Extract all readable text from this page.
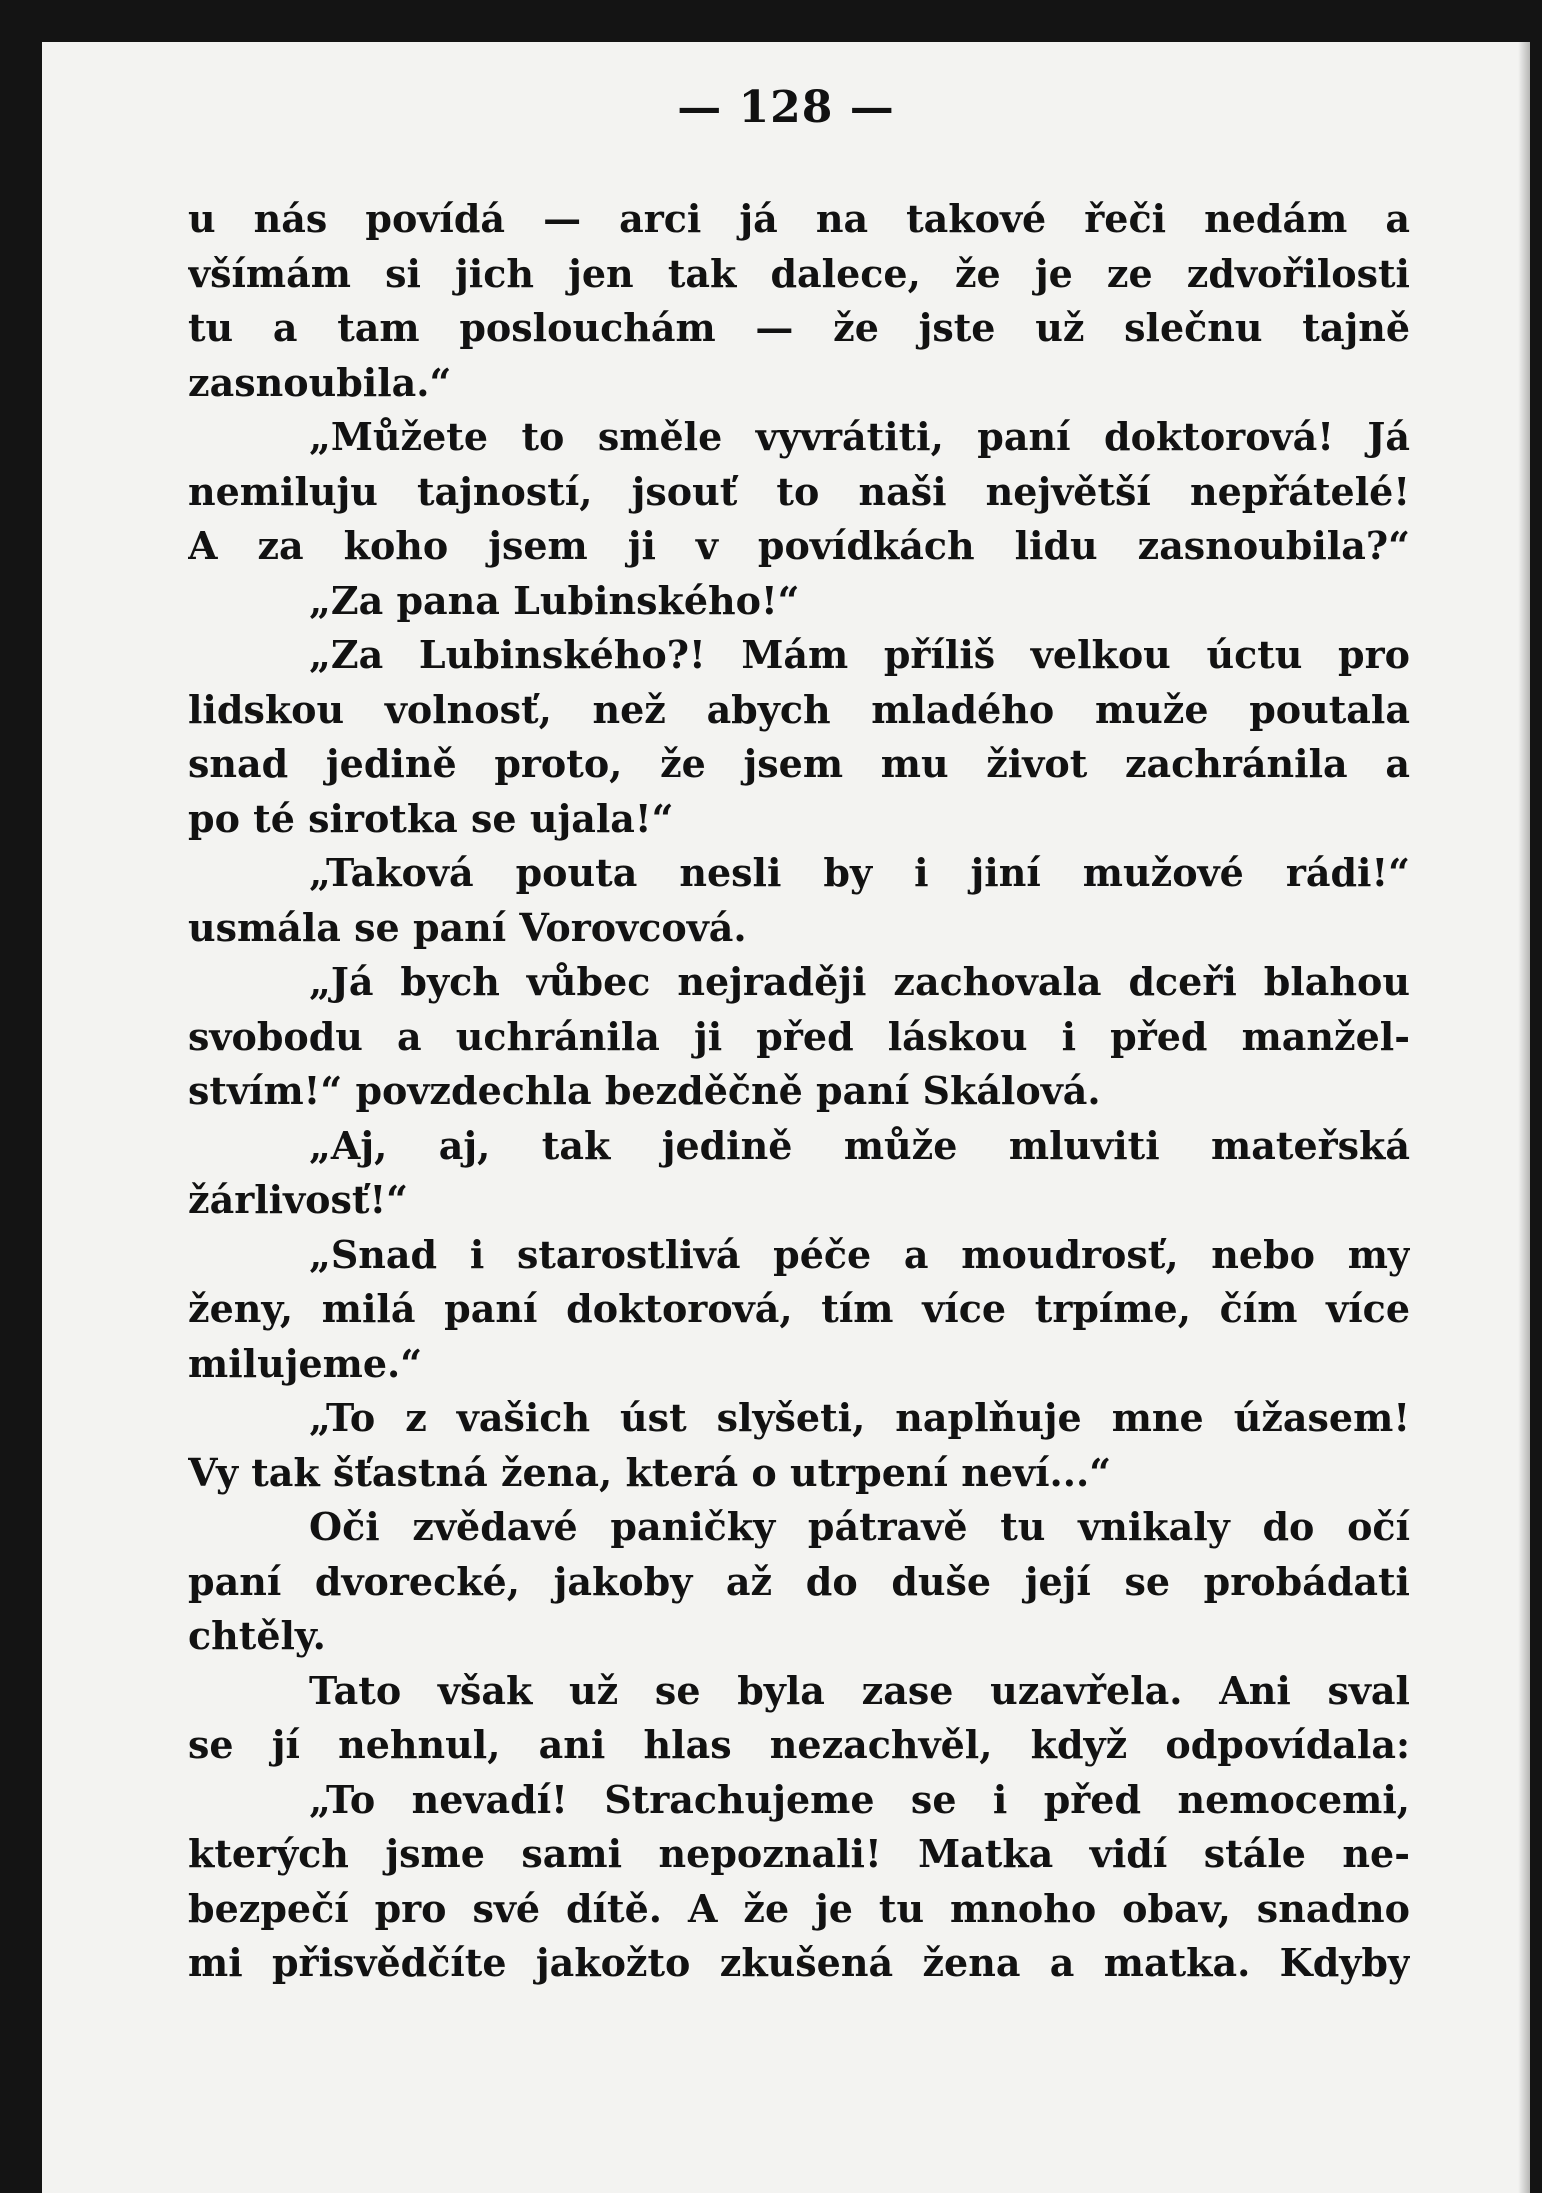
— 128 —
u nás povídá — arci já na takové řeči nedám a
všímám si jich jen tak dalece, že je ze zdvořilosti
tu a tam poslouchám — že jste už slečnu tajně
zasnoubila.“
„Můžete to směle vyvrátiti, paní doktorová! Já
nemiluju tajností, jsouť to naši největší nepřátelé!
A za koho jsem ji v povídkách lidu zasnoubila?“
„Za pana Lubinského!“
„Za Lubinského?! Mám příliš velkou úctu pro
lidskou volnosť, než abych mladého muže poutala
snad jedině proto, že jsem mu život zachránila a
po té sirotka se ujala!“
„Taková pouta nesli by i jiní mužové rádi!“
usmála se paní Vorovcová.
„Já bych vůbec nejraději zachovala dceři blahou
svobodu a uchránila ji před láskou i před manžel-
stvím!“ povzdechla bezděčně paní Skálová.
„Aj, aj, tak jedině může mluviti mateřská
žárlivosť!“
„Snad i starostlivá péče a moudrosť, nebo my
ženy, milá paní doktorová, tím více trpíme, čím více
milujeme.“
„To z vašich úst slyšeti, naplňuje mne úžasem!
Vy tak šťastná žena, která o utrpení neví...“
Oči zvědavé paničky pátravě tu vnikaly do očí
paní dvorecké, jakoby až do duše její se probádati
chtěly.
Tato však už se byla zase uzavřela. Ani sval
se jí nehnul, ani hlas nezachvěl, když odpovídala:
„To nevadí! Strachujeme se i před nemocemi,
kterých jsme sami nepoznali! Matka vidí stále ne-
bezpečí pro své dítě. A že je tu mnoho obav, snadno
mi přisvědčíte jakožto zkušená žena a matka. Kdyby
